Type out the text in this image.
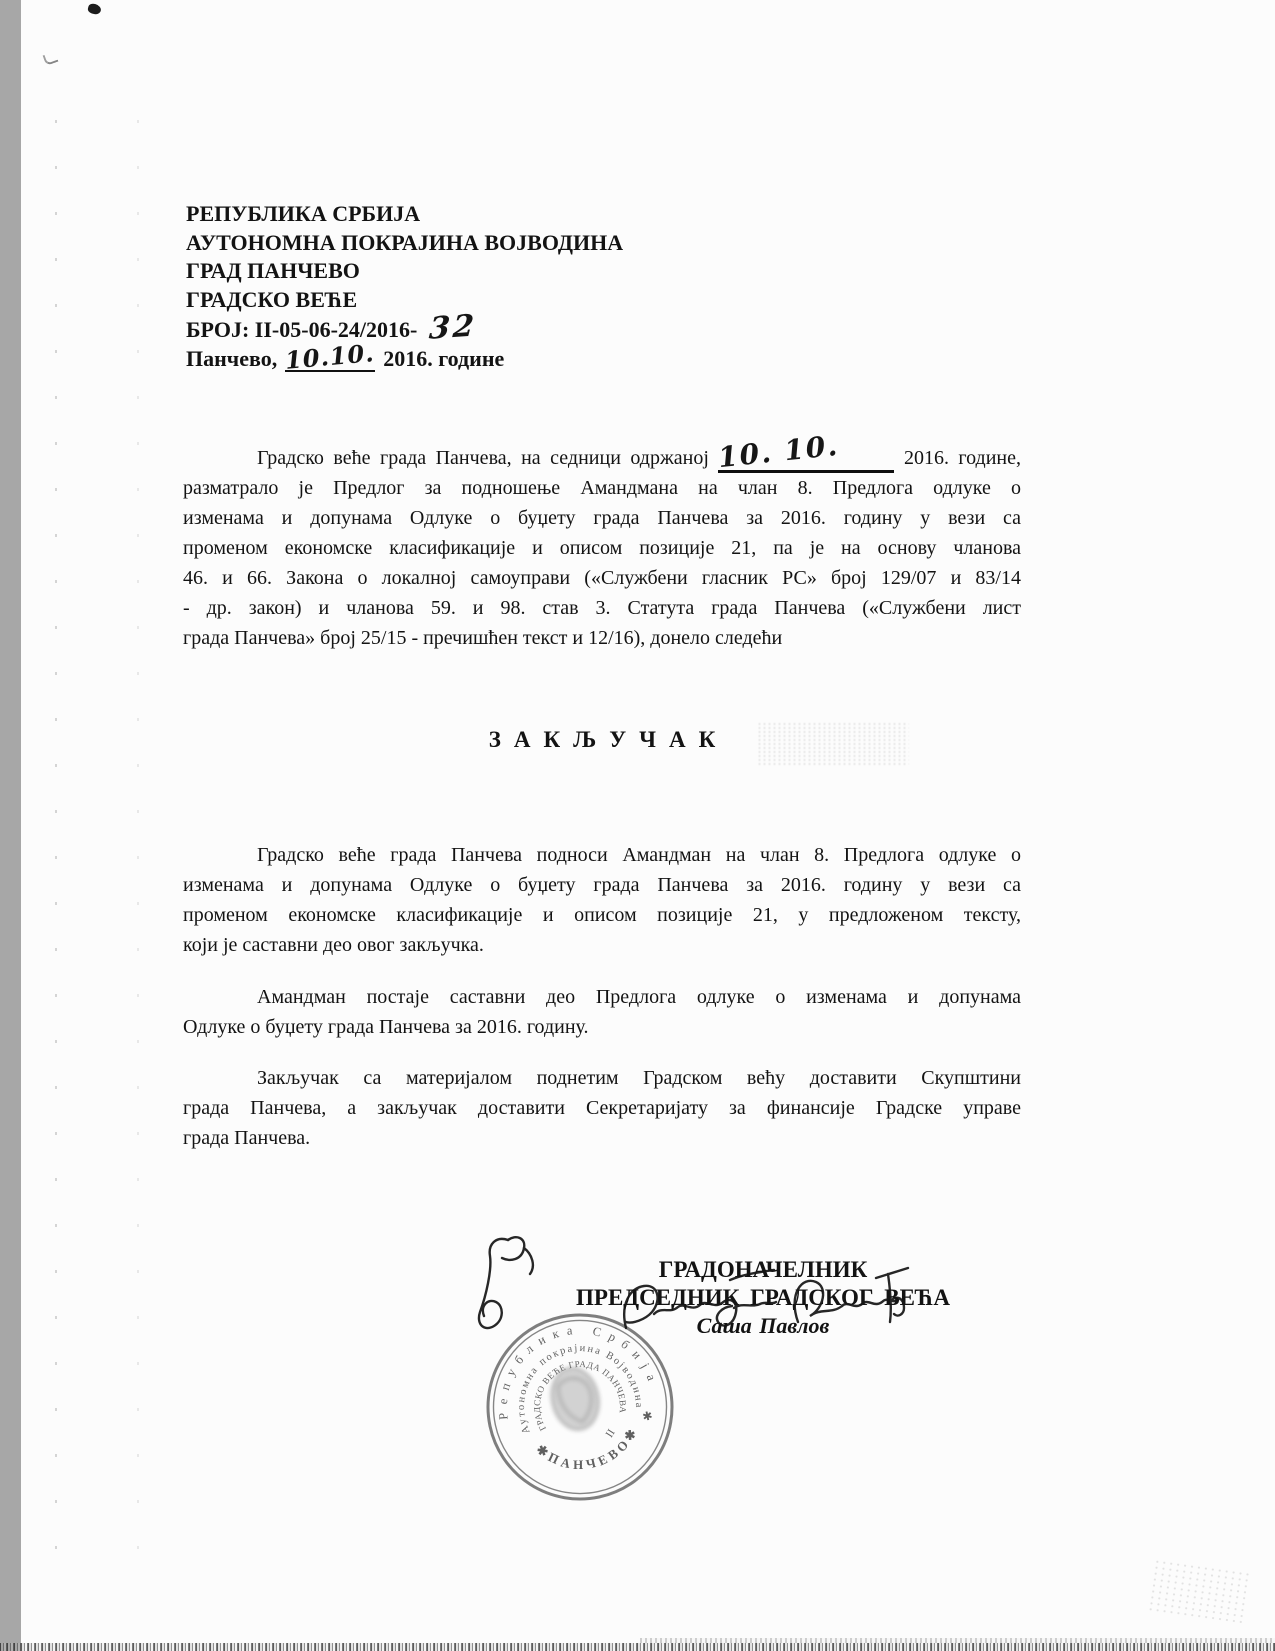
РЕПУБЛИКА СРБИЈА
АУТОНОМНА ПОКРАЈИНА ВОЈВОДИНА
ГРАД ПАНЧЕВО
ГРАДСКО ВЕЋЕ
БРОЈ: II-05-06-24/2016- 32
Панчево, 10.10. 2016. године
Градско веће града Панчева, на седници одржаној 10. 10.	2016. године,
разматрало је Предлог за подношење Амандмана на члан 8. Предлога одлуке о
изменама и допунама Одлуке о буџету града Панчева за 2016. годину у вези са
променом економске класификације и описом позиције 21, па је на основу чланова
46. и 66. Закона о локалној самоуправи («Службени гласник РС» број 129/07 и 83/14
- др. закон) и чланова 59. и 98. став 3. Статута града Панчева («Службени лист
града Панчева» број 25/15 - пречишћен текст и 12/16), донело следећи
ЗАКЉУЧАК
Градско веће града Панчева подноси Амандман на члан 8. Предлога одлуке о
изменама и допунама Одлуке о буџету града Панчева за 2016. годину у вези са
променом економске класификације и описом позиције 21, у предложеном тексту,
који је саставни део овог закључка.
Амандман постаје саставни део Предлога одлуке о изменама и допунама
Одлуке о буџету града Панчева за 2016. годину.
Закључак са материјалом поднетим Градском већу доставити Скупштини
града Панчева, а закључак доставити Секретаријату за финансије Градске управе
града Панчева.
ГРАДОНАЧЕЛНИК
ПРЕДСЕДНИК ГРАДСКОГ ВЕЋА
Саша Павлов
Република Србија
Аутономна покрајина Војводина
ГРАДСКО ВЕЋЕ ГРАДА ПАНЧЕВА
✱ПАНЧЕВО✱
II
✱
